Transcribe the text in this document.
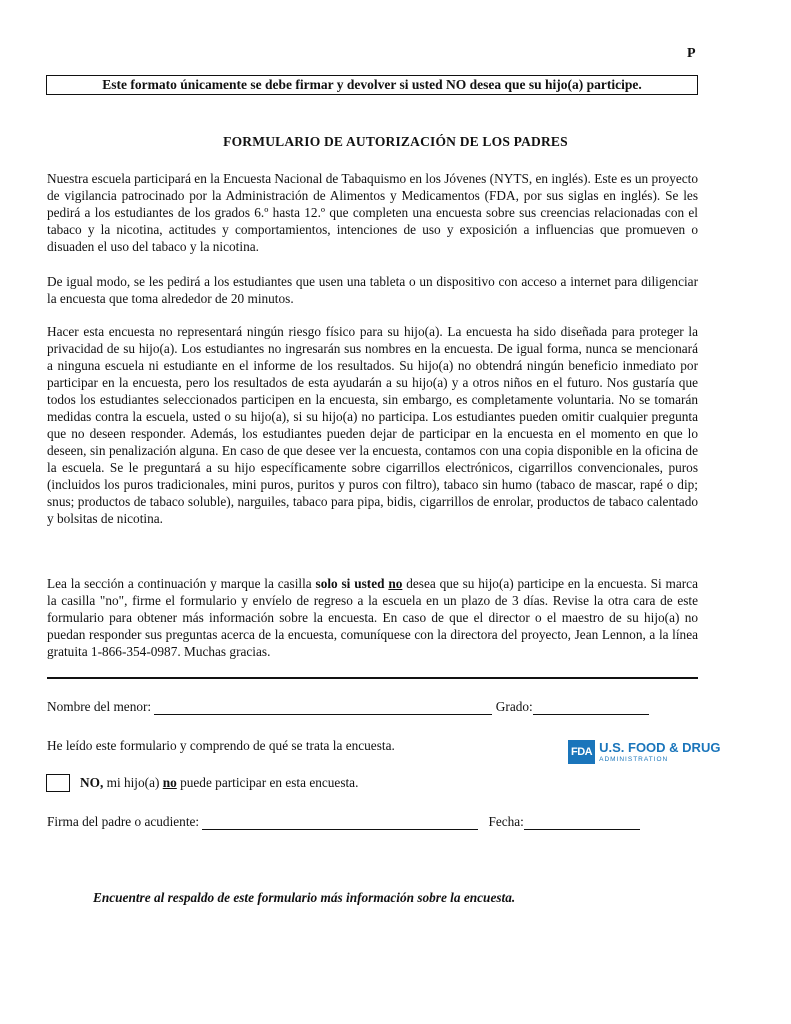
P
Este formato únicamente se debe firmar y devolver si usted NO desea que su hijo(a) participe.
FORMULARIO DE AUTORIZACIÓN DE LOS PADRES

Nuestra escuela participará en la Encuesta Nacional de Tabaquismo en los Jóvenes (NYTS, en inglés). Este es un proyecto de vigilancia patrocinado por la Administración de Alimentos y Medicamentos (FDA, por sus siglas en inglés). Se les pedirá a los estudiantes de los grados 6.º hasta 12.º que completen una encuesta sobre sus creencias relacionadas con el tabaco y la nicotina, actitudes y comportamientos, intenciones de uso y exposición a influencias que promueven o disuaden el uso del tabaco y la nicotina.

De igual modo, se les pedirá a los estudiantes que usen una tableta o un dispositivo con acceso a internet para diligenciar la encuesta que toma alrededor de 20 minutos.

Hacer esta encuesta no representará ningún riesgo físico para su hijo(a). La encuesta ha sido diseñada para proteger la privacidad de su hijo(a). Los estudiantes no ingresarán sus nombres en la encuesta. De igual forma, nunca se mencionará a ninguna escuela ni estudiante en el informe de los resultados. Su hijo(a) no obtendrá ningún beneficio inmediato por participar en la encuesta, pero los resultados de esta ayudarán a su hijo(a) y a otros niños en el futuro. Nos gustaría que todos los estudiantes seleccionados participen en la encuesta, sin embargo, es completamente voluntaria. No se tomarán medidas contra la escuela, usted o su hijo(a), si su hijo(a) no participa. Los estudiantes pueden omitir cualquier pregunta que no deseen responder. Además, los estudiantes pueden dejar de participar en la encuesta en el momento en que lo deseen, sin penalización alguna. En caso de que desee ver la encuesta, contamos con una copia disponible en la oficina de la escuela. Se le preguntará a su hijo específicamente sobre cigarrillos electrónicos, cigarrillos convencionales, puros (incluidos los puros tradicionales, mini puros, puritos y puros con filtro), tabaco sin humo (tabaco de mascar, rapé o dip; snus; productos de tabaco soluble), narguiles, tabaco para pipa, bidis, cigarrillos de enrolar, productos de tabaco calentado y bolsitas de nicotina.

Lea la sección a continuación y marque la casilla solo si usted no desea que su hijo(a) participe en la encuesta. Si marca la casilla "no", firme el formulario y envíelo de regreso a la escuela en un plazo de 3 días. Revise la otra cara de este formulario para obtener más información sobre la encuesta. En caso de que el director o el maestro de su hijo(a) no puedan responder sus preguntas acerca de la encuesta, comuníquese con la directora del proyecto, Jean Lennon, a la línea gratuita 1-866-354-0987. Muchas gracias.

Nombre del menor:	Grado:
He leído este formulario y comprendo de qué se trata la encuesta.	FDA U.S. FOOD & DRUG
ADMINISTRATION
NO, mi hijo(a) no puede participar en esta encuesta.
Firma del padre o acudiente:	Fecha:
Encuentre al respaldo de este formulario más información sobre la encuesta.
